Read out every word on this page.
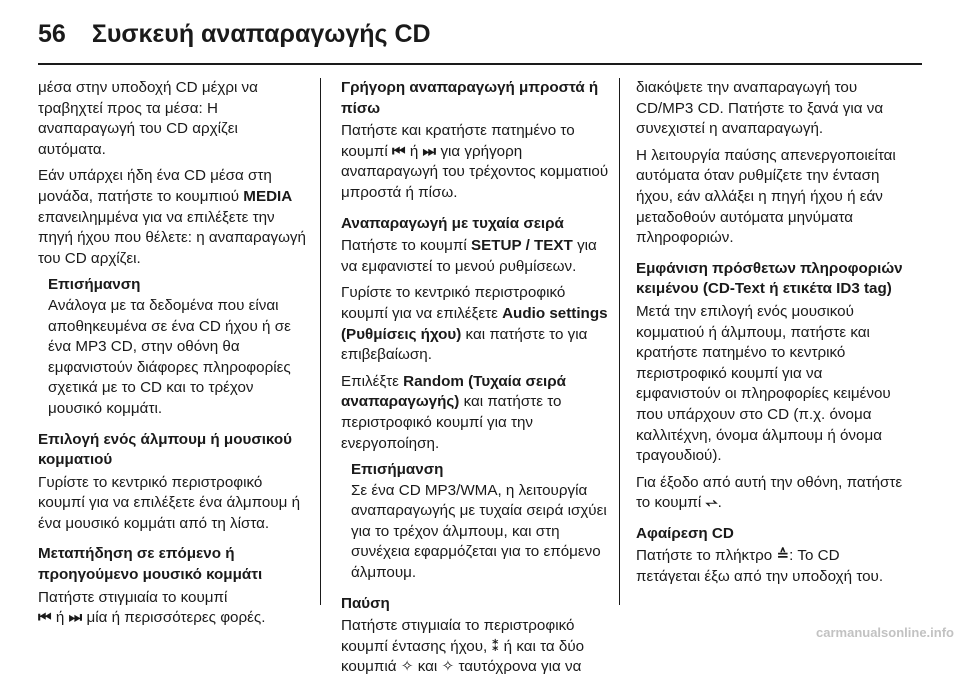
56 Συσκευή αναπαραγωγής CD

μέσα στην υποδοχή CD μέχρι να τραβηχτεί προς τα μέσα: Η αναπαραγωγή του CD αρχίζει αυτόματα.

Εάν υπάρχει ήδη ένα CD μέσα στη μονάδα, πατήστε το κουμπιού MEDIA επανειλημμένα για να επιλέξετε την πηγή ήχου που θέλετε: η αναπαραγωγή του CD αρχίζει.

Επισήμανση
Ανάλογα με τα δεδομένα που είναι αποθηκευμένα σε ένα CD ήχου ή σε ένα MP3 CD, στην οθόνη θα εμφανιστούν διάφορες πληροφορίες σχετικά με το CD και το τρέχον μουσικό κομμάτι.
Επιλογή ενός άλμπουμ ή μουσικού κομματιού

Γυρίστε το κεντρικό περιστροφικό κουμπί για να επιλέξετε ένα άλμπουμ ή ένα μουσικό κομμάτι από τη λίστα.

Μεταπήδηση σε επόμενο ή προηγούμενο μουσικό κομμάτι

Πατήστε στιγμιαία το κουμπί
⏮ ή ⏭ μία ή περισσότερες φορές.

Γρήγορη αναπαραγωγή μπροστά ή πίσω

Πατήστε και κρατήστε πατημένο το κουμπί ⏮ ή ⏭ για γρήγορη αναπαραγωγή του τρέχοντος κομματιού μπροστά ή πίσω.

Αναπαραγωγή με τυχαία σειρά

Πατήστε το κουμπί SETUP / TEXT για να εμφανιστεί το μενού ρυθμίσεων.

Γυρίστε το κεντρικό περιστροφικό κουμπί για να επιλέξετε Audio settings (Ρυθμίσεις ήχου) και πατήστε το για επιβεβαίωση.

Επιλέξτε Random (Τυχαία σειρά αναπαραγωγής) και πατήστε το περιστροφικό κουμπί για την ενεργοποίηση.

Επισήμανση
Σε ένα CD MP3/WMA, η λειτουργία αναπαραγωγής με τυχαία σειρά ισχύει για το τρέχον άλμπουμ, και στη συνέχεια εφαρμόζεται για το επόμενο άλμπουμ.
Παύση

Πατήστε στιγμιαία το περιστροφικό κουμπί έντασης ήχου, ⁑ ή και τα δύο κουμπιά ✧ και ✧ ταυτόχρονα για να

διακόψετε την αναπαραγωγή του CD/MP3 CD. Πατήστε το ξανά για να συνεχιστεί η αναπαραγωγή.

Η λειτουργία παύσης απενεργοποιείται αυτόματα όταν ρυθμίζετε την ένταση ήχου, εάν αλλάξει η πηγή ήχου ή εάν μεταδοθούν αυτόματα μηνύματα πληροφοριών.

Εμφάνιση πρόσθετων πληροφοριών κειμένου (CD-Text ή ετικέτα ID3 tag)

Μετά την επιλογή ενός μουσικού κομματιού ή άλμπουμ, πατήστε και κρατήστε πατημένο το κεντρικό περιστροφικό κουμπί για να εμφανιστούν οι πληροφορίες κειμένου που υπάρχουν στο CD (π.χ. όνομα καλλιτέχνη, όνομα άλμπουμ ή όνομα τραγουδιού).

Για έξοδο από αυτή την οθόνη, πατήστε το κουμπί ⥋.

Αφαίρεση CD

Πατήστε το πλήκτρο ≙: Το CD πετάγεται έξω από την υποδοχή του.

carmanualsonline.info
